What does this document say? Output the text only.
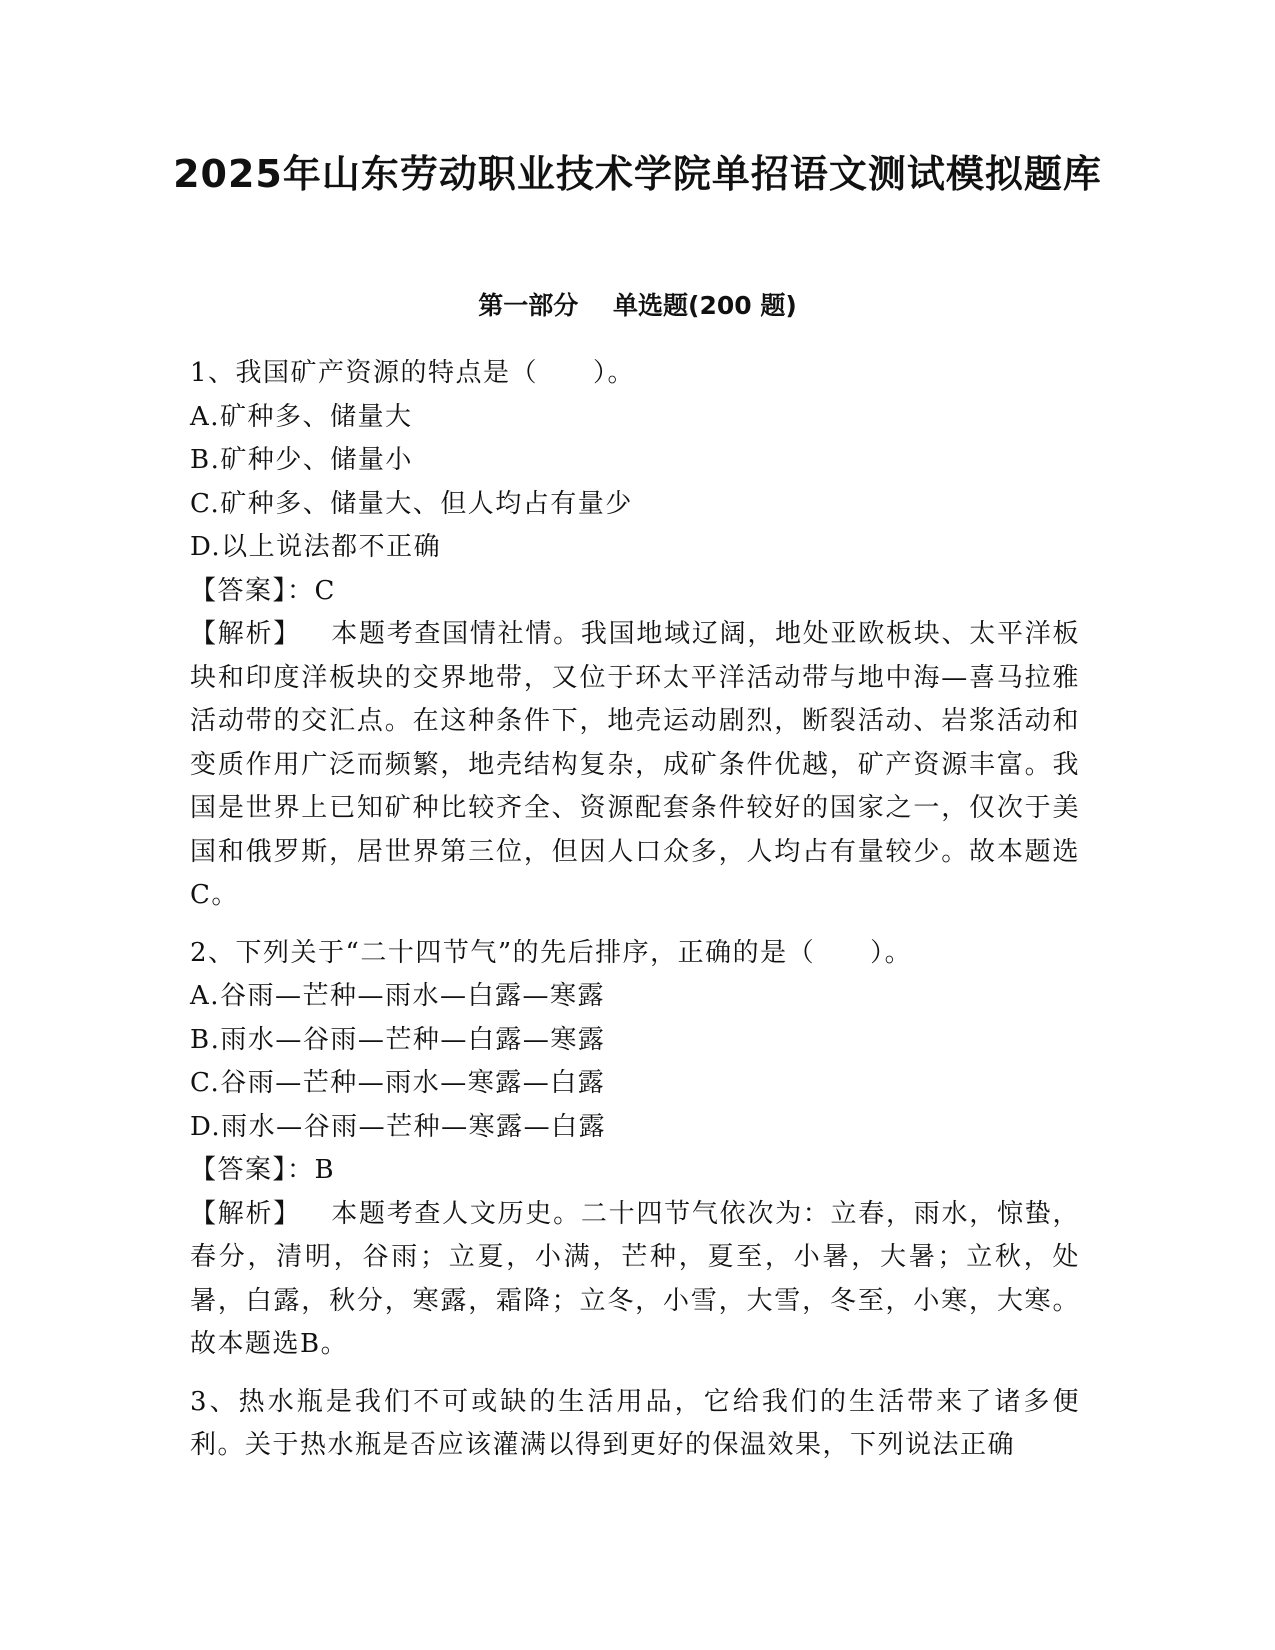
2025年山东劳动职业技术学院单招语文测试模拟题库
第一部分    单选题(200 题)
1、我国矿产资源的特点是（　　）。
A.矿种多、储量大
B.矿种少、储量小
C.矿种多、储量大、但人均占有量少
D.以上说法都不正确
【答案】：C
【解析】 本题考查国情社情。我国地域辽阔，地处亚欧板块、太平洋板块和印度洋板块的交界地带，又位于环太平洋活动带与地中海—喜马拉雅活动带的交汇点。在这种条件下，地壳运动剧烈，断裂活动、岩浆活动和变质作用广泛而频繁，地壳结构复杂，成矿条件优越，矿产资源丰富。我国是世界上已知矿种比较齐全、资源配套条件较好的国家之一，仅次于美国和俄罗斯，居世界第三位，但因人口众多，人均占有量较少。故本题选C。
2、下列关于“二十四节气”的先后排序，正确的是（　　）。
A.谷雨—芒种—雨水—白露—寒露
B.雨水—谷雨—芒种—白露—寒露
C.谷雨—芒种—雨水—寒露—白露
D.雨水—谷雨—芒种—寒露—白露
【答案】：B
【解析】 本题考查人文历史。二十四节气依次为：立春，雨水，惊蛰，春分，清明，谷雨；立夏，小满，芒种，夏至，小暑，大暑；立秋，处暑，白露，秋分，寒露，霜降；立冬，小雪，大雪，冬至，小寒，大寒。故本题选B。
3、热水瓶是我们不可或缺的生活用品，它给我们的生活带来了诸多便利。关于热水瓶是否应该灌满以得到更好的保温效果，下列说法正确
